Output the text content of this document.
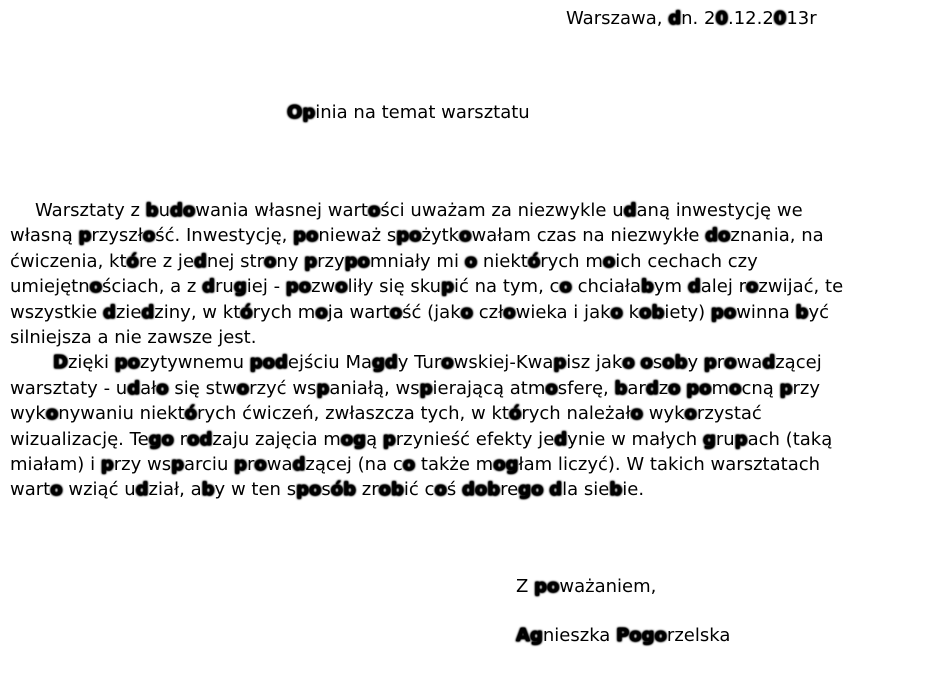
Warszawa, dn. 20.12.2013r
Opinia na temat warsztatu
Warsztaty z budowania własnej wartości uważam za niezwykle udaną inwestycję we
własną przyszłość. Inwestycję, ponieważ spożytkowałam czas na niezwykłe doznania, na
ćwiczenia, które z jednej strony przypomniały mi o niektórych moich cechach czy
umiejętnościach, a z drugiej - pozwoliły się skupić na tym, co chciałabym dalej rozwijać, te
wszystkie dziedziny, w których moja wartość (jako człowieka i jako kobiety) powinna być
silniejsza a nie zawsze jest.
Dzięki pozytywnemu podejściu Magdy Turowskiej-Kwapisz jako osoby prowadzącej
warsztaty - udało się stworzyć wspaniałą, wspierającą atmosferę, bardzo pomocną przy
wykonywaniu niektórych ćwiczeń, zwłaszcza tych, w których należało wykorzystać
wizualizację. Tego rodzaju zajęcia mogą przynieść efekty jedynie w małych grupach (taką
miałam) i przy wsparciu prowadzącej (na co także mogłam liczyć). W takich warsztatach
warto wziąć udział, aby w ten sposób zrobić coś dobrego dla siebie.
Z poważaniem,
Agnieszka Pogorzelska
